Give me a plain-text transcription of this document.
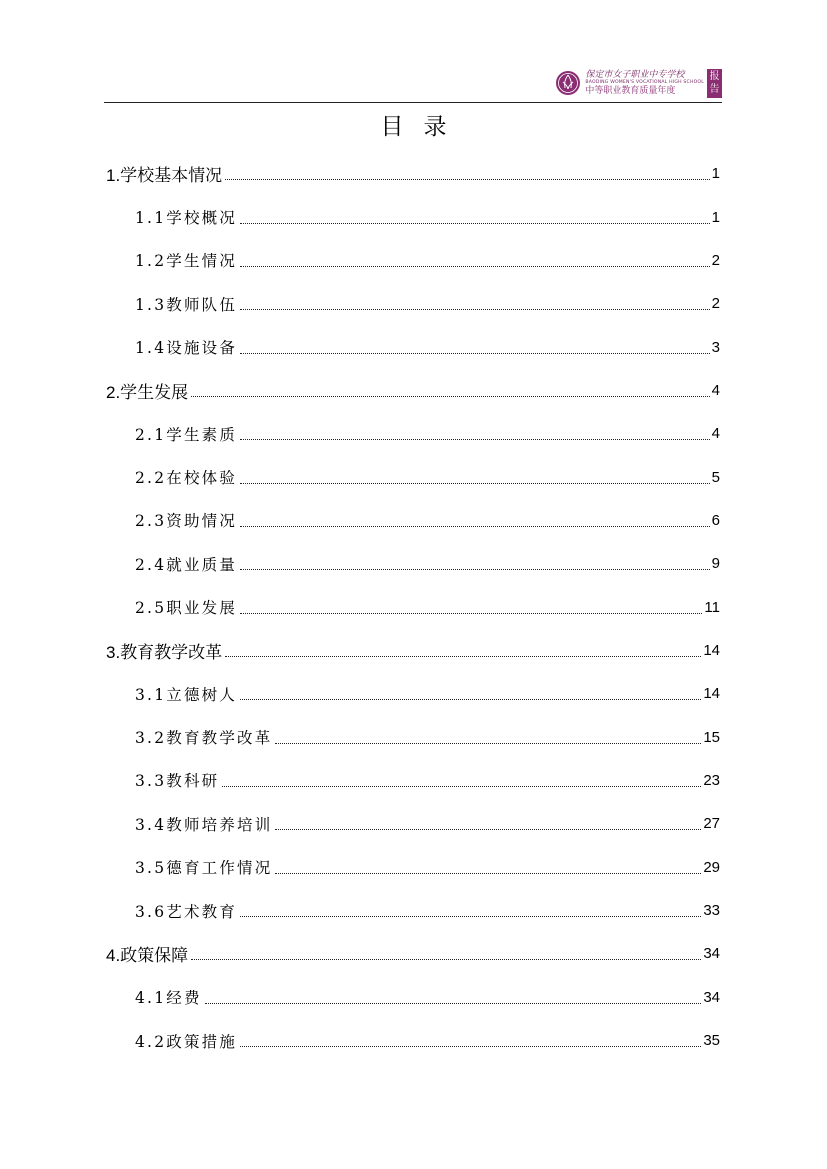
保定市女子职业中专学校
BAODING WOMEN'S VOCATIONAL HIGH SCHOOL
中等职业教育质量年度
报
告
目录
1.学校基本情况	1
1.1学校概况	1
1.2学生情况	2
1.3教师队伍	2
1.4设施设备	3
2.学生发展	4
2.1学生素质	4
2.2在校体验	5
2.3资助情况	6
2.4就业质量	9
2.5职业发展	11
3.教育教学改革	14
3.1立德树人	14
3.2教育教学改革	15
3.3教科研	23
3.4教师培养培训	27
3.5德育工作情况	29
3.6艺术教育	33
4.政策保障	34
4.1经费	34
4.2政策措施	35
